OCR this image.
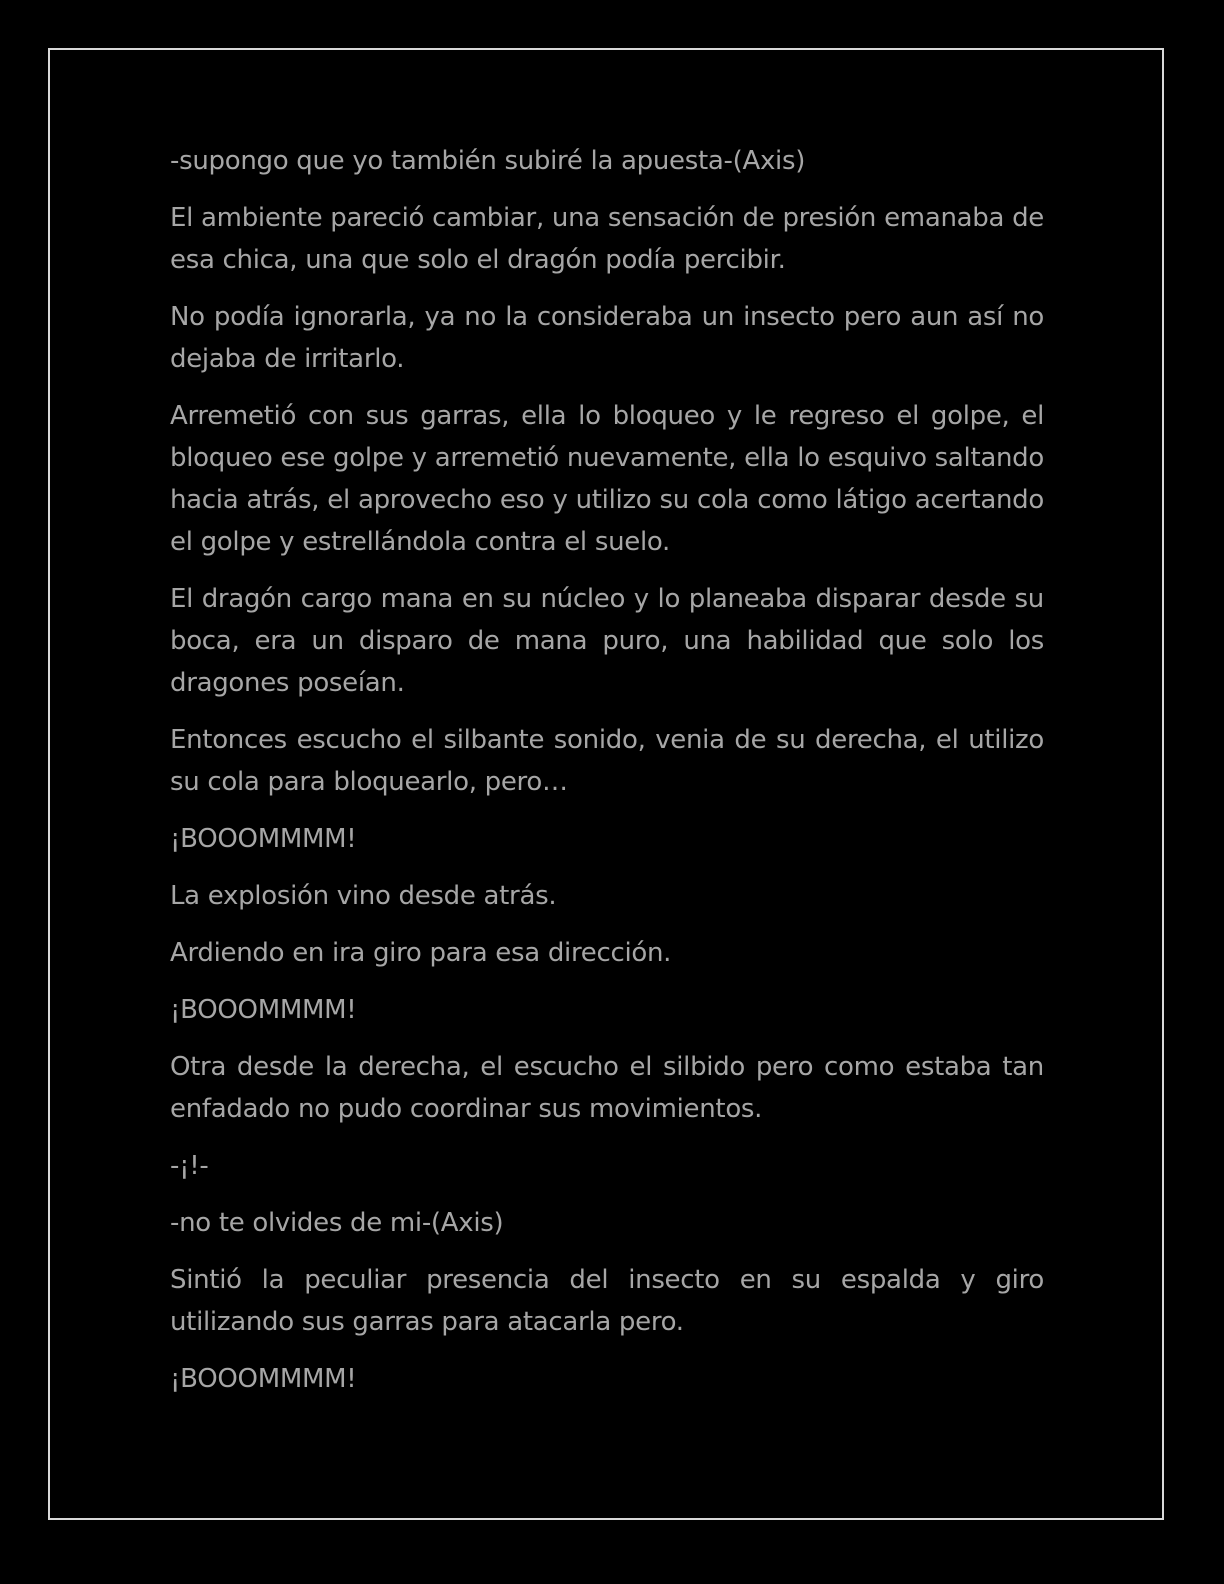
-supongo que yo también subiré la apuesta-(Axis)

El ambiente pareció cambiar, una sensación de presión emanaba de esa chica, una que solo el dragón podía percibir.

No podía ignorarla, ya no la consideraba un insecto pero aun así no dejaba de irritarlo.

Arremetió con sus garras, ella lo bloqueo y le regreso el golpe, el bloqueo ese golpe y arremetió nuevamente, ella lo esquivo saltando hacia atrás, el aprovecho eso y utilizo su cola como látigo acertando el golpe y estrellándola contra el suelo.

El dragón cargo mana en su núcleo y lo planeaba disparar desde su boca, era un disparo de mana puro, una habilidad que solo los dragones poseían.

Entonces escucho el silbante sonido, venia de su derecha, el utilizo su cola para bloquearlo, pero…

¡BOOOMMMM!

La explosión vino desde atrás.

Ardiendo en ira giro para esa dirección.

¡BOOOMMMM!

Otra desde la derecha, el escucho el silbido pero como estaba tan enfadado no pudo coordinar sus movimientos.

-¡!-

-no te olvides de mi-(Axis)

Sintió la peculiar presencia del insecto en su espalda y giro utilizando sus garras para atacarla pero.

¡BOOOMMMM!
